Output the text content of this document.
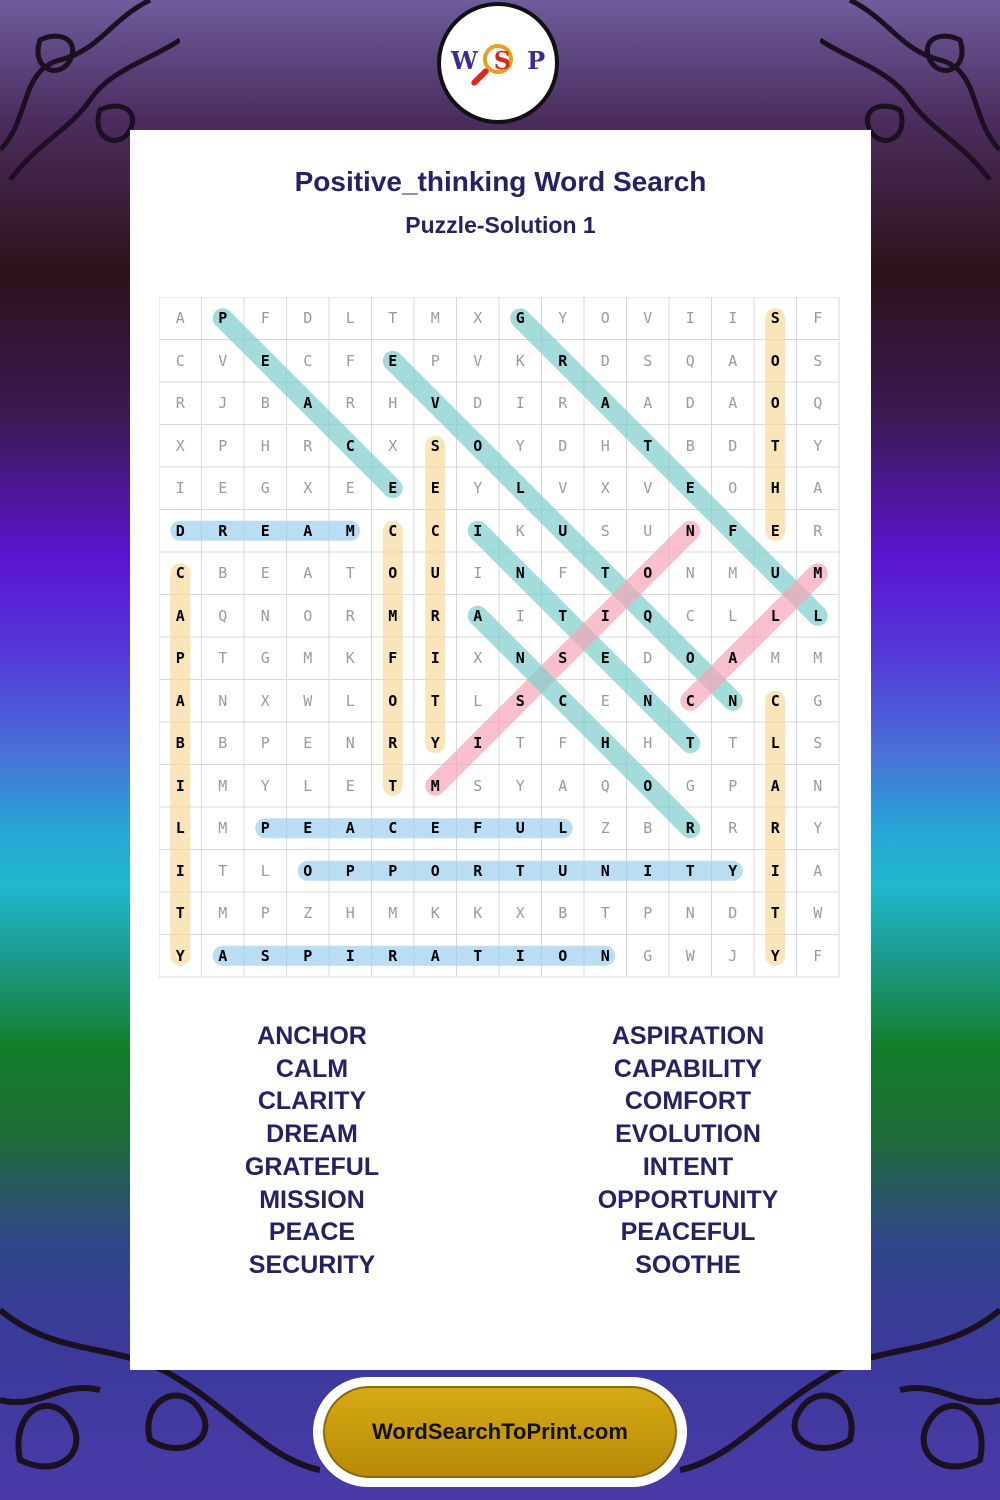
W S P
Positive_thinking Word Search
Puzzle-Solution 1
A	P	F	D	L	T	M	X	G	Y	O	V	I	I	S	F
C	V	E	C	F	E	P	V	K	R	D	S	Q	A	O	S
R	J	B	A	R	H	V	D	I	R	A	A	D	A	O	Q
X	P	H	R	C	X	S	O	Y	D	H	T	B	D	T	Y
I	E	G	X	E	E	E	Y	L	V	X	V	E	O	H	A
D	R	E	A	M	C	C	I	K	U	S	U	N	F	E	R
C	B	E	A	T	O	U	I	N	F	T	O	N	M	U	M
A	Q	N	O	R	M	R	A	I	T	I	Q	C	L	L	L
P	T	G	M	K	F	I	X	N	S	E	D	O	A	M	M
A	N	X	W	L	O	T	L	S	C	E	N	C	N	C	G
B	B	P	E	N	R	Y	I	T	F	H	H	T	T	L	S
I	M	Y	L	E	T	M	S	Y	A	Q	O	G	P	A	N
L	M	P	E	A	C	E	F	U	L	Z	B	R	R	R	Y
I	T	L	O	P	P	O	R	T	U	N	I	T	Y	I	A
T	M	P	Z	H	M	K	K	X	B	T	P	N	D	T	W
Y	A	S	P	I	R	A	T	I	O	N	G	W	J	Y	F
ANCHOR
CALM
CLARITY
DREAM
GRATEFUL
MISSION
PEACE
SECURITY
ASPIRATION
CAPABILITY
COMFORT
EVOLUTION
INTENT
OPPORTUNITY
PEACEFUL
SOOTHE
WordSearchToPrint.com
